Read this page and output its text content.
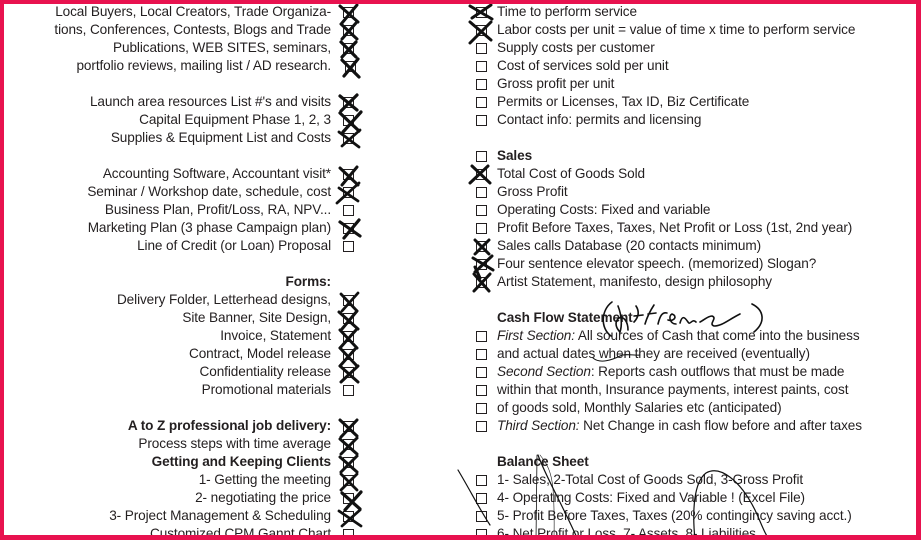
Local Buyers, Local Creators, Trade Organiza-
tions, Conferences, Contests, Blogs and Trade
Publications, WEB SITES, seminars,
portfolio reviews, mailing list / AD research.
Launch area resources List #'s and visits
Capital Equipment Phase 1, 2, 3
Supplies & Equipment List and Costs
Accounting Software, Accountant visit*
Seminar / Workshop date, schedule, cost
Business Plan, Profit/Loss, RA, NPV...
Marketing Plan (3 phase Campaign plan)
Line of Credit (or Loan) Proposal
Forms:
Delivery Folder, Letterhead designs,
Site Banner, Site Design,
Invoice, Statement
Contract, Model release
Confidentiality release
Promotional materials
A to Z professional job delivery:
Process steps with time average
Getting and Keeping Clients
1- Getting the meeting
2- negotiating the price
3- Project Management & Scheduling
Customized CPM Gannt Chart
Time to perform service
Labor costs per unit = value of time x time to perform service
Supply costs per customer
Cost of services sold per unit
Gross profit per unit
Permits or Licenses, Tax ID, Biz Certificate
Contact info: permits and licensing
Sales
Total Cost of Goods Sold
Gross Profit
Operating Costs: Fixed and variable
Profit Before Taxes, Taxes, Net Profit or Loss (1st, 2nd year)
Sales calls Database (20 contacts minimum)
Four sentence elevator speech. (memorized) Slogan?
Artist Statement, manifesto, design philosophy
Cash Flow Statement
First Section: All sources of Cash that come into the business
and actual dates when they are received (eventually)
Second Section: Reports cash outflows that must be made
within that month, Insurance payments, interest paints, cost
of goods sold, Monthly Salaries etc (anticipated)
Third Section: Net Change in cash flow before and after taxes
Balance Sheet
1- Sales, 2-Total Cost of Goods Sold, 3-Gross Profit
4- Operating Costs: Fixed and Variable ! (Excel File)
5- Profit Before Taxes, Taxes (20% contingincy saving acct.)
6- Net Profit or Loss, 7- Assets, 8- Liabilities
